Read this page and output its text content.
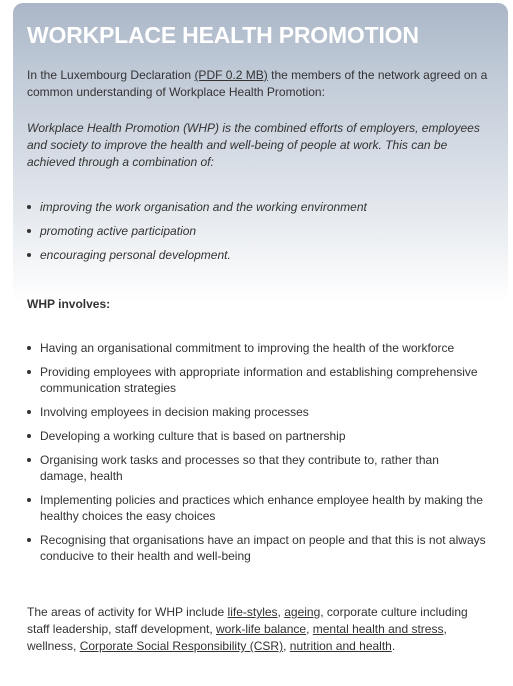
WORKPLACE HEALTH PROMOTION

In the Luxembourg Declaration (PDF 0.2 MB) the members of the network agreed on a common understanding of Workplace Health Promotion:

Workplace Health Promotion (WHP) is the combined efforts of employers, employees and society to improve the health and well-being of people at work. This can be achieved through a combination of:

improving the work organisation and the working environment
promoting active participation
encouraging personal development.

WHP involves:

Having an organisational commitment to improving the health of the workforce
Providing employees with appropriate information and establishing comprehensive communication strategies
Involving employees in decision making processes
Developing a working culture that is based on partnership
Organising work tasks and processes so that they contribute to, rather than damage, health
Implementing policies and practices which enhance employee health by making the healthy choices the easy choices
Recognising that organisations have an impact on people and that this is not always conducive to their health and well-being

The areas of activity for WHP include life-styles, ageing, corporate culture including staff leadership, staff development, work-life balance, mental health and stress, wellness, Corporate Social Responsibility (CSR), nutrition and health.
